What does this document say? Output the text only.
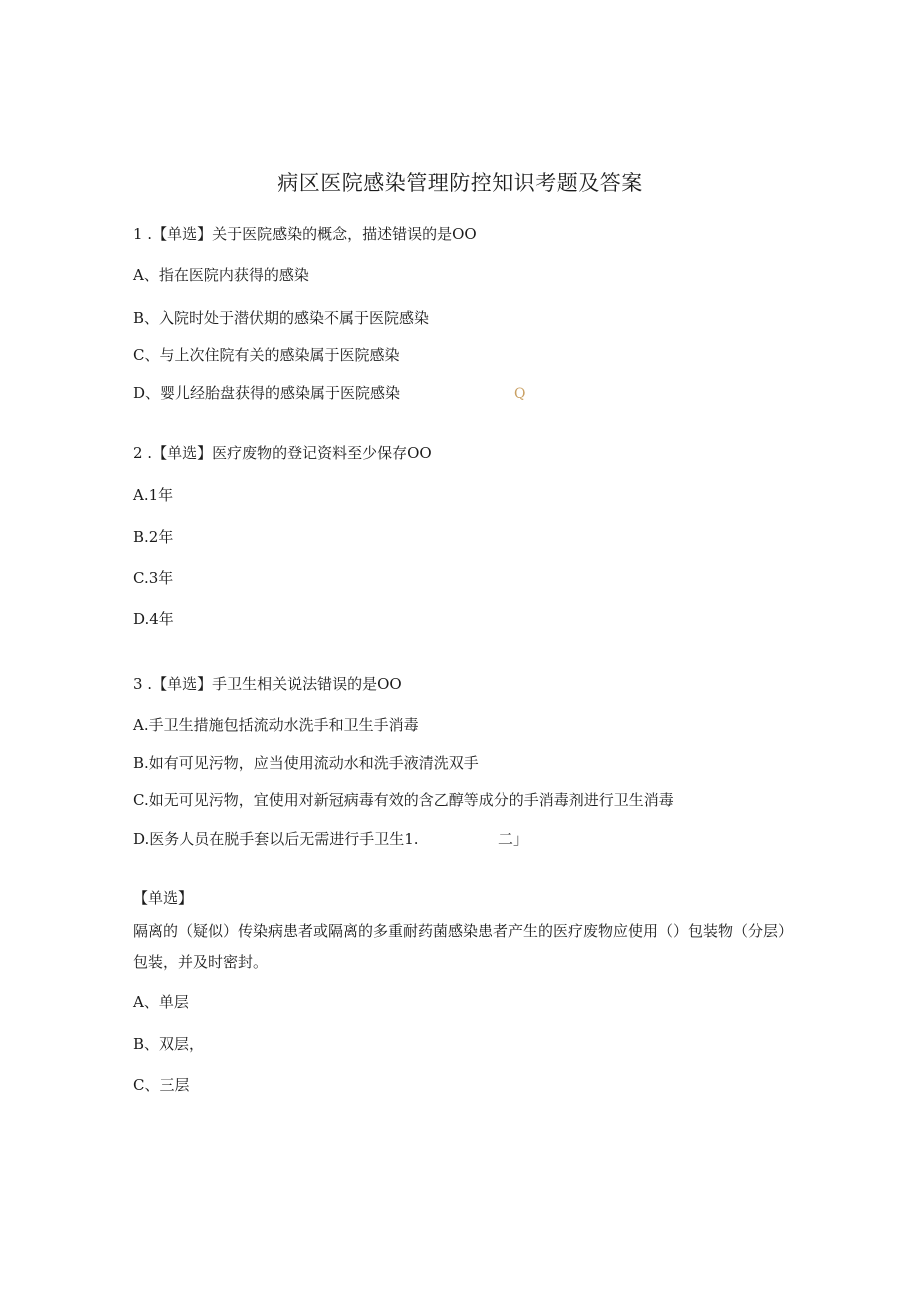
病区医院感染管理防控知识考题及答案
1 .【单选】关于医院感染的概念，描述错误的是OO
A、指在医院内获得的感染
B、入院时处于潜伏期的感染不属于医院感染
C、与上次住院有关的感染属于医院感染
D、婴儿经胎盘获得的感染属于医院感染	Q
2 .【单选】医疗废物的登记资料至少保存OO
A.1年
B.2年
C.3年
D.4年
3 .【单选】手卫生相关说法错误的是OO
A.手卫生措施包括流动水洗手和卫生手消毒
B.如有可见污物，应当使用流动水和洗手液清洗双手
C.如无可见污物，宜使用对新冠病毒有效的含乙醇等成分的手消毒剂进行卫生消毒
D.医务人员在脱手套以后无需进行手卫生1.	二」
【单选】
隔离的（疑似）传染病患者或隔离的多重耐药菌感染患者产生的医疗废物应使用（）包装物（分层）包装，并及时密封。
A、单层
B、双层，
C、三层
